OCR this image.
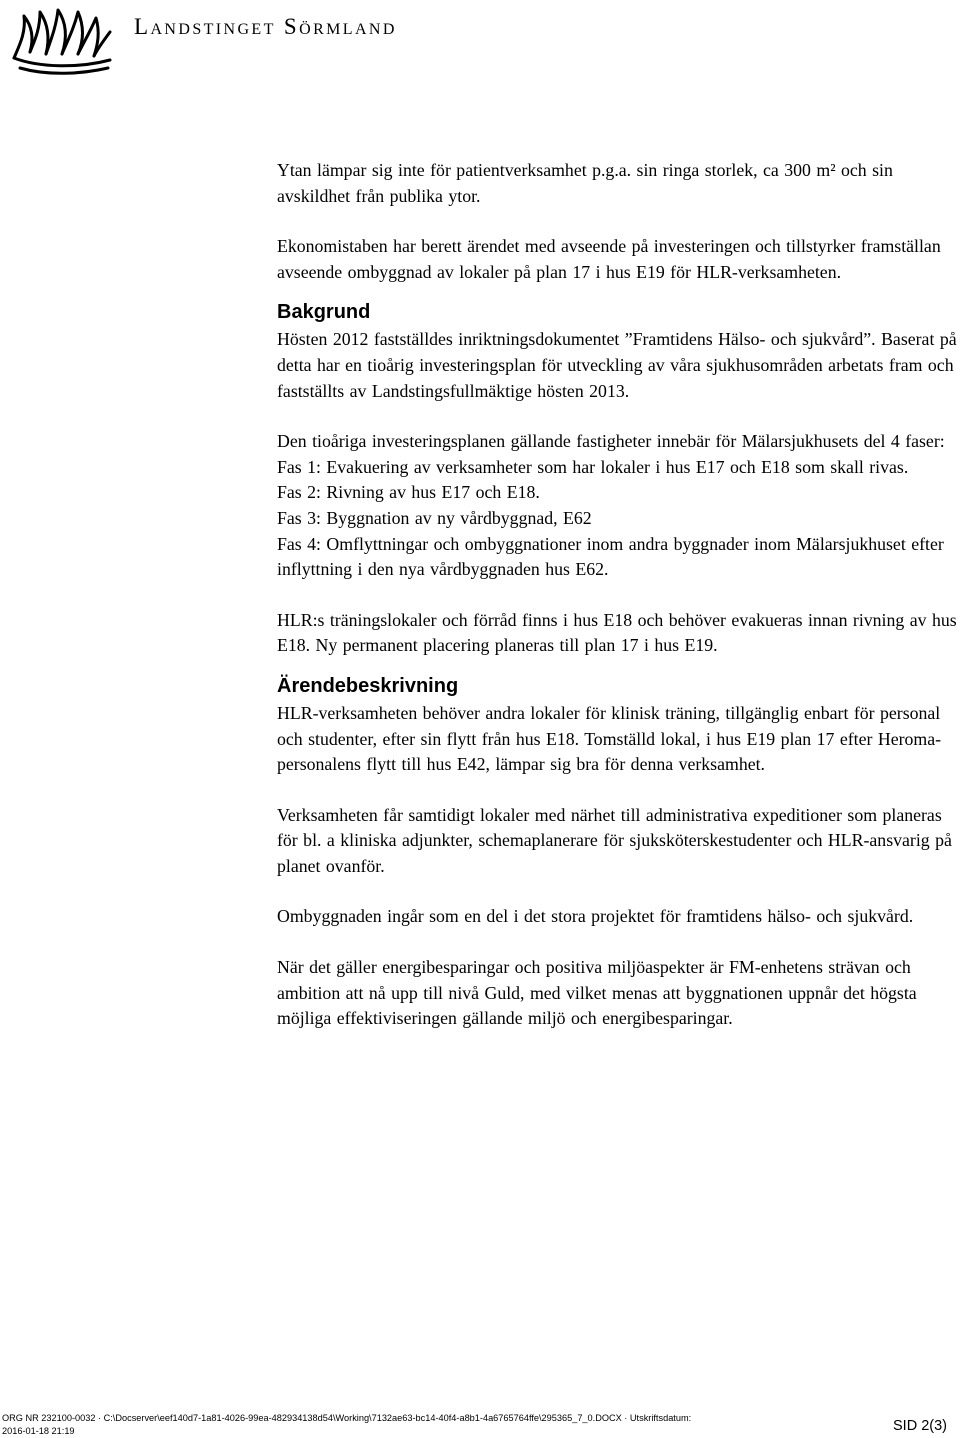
Landstinget Sörmland

Ytan lämpar sig inte för patientverksamhet p.g.a. sin ringa storlek, ca 300 m² och sin avskildhet från publika ytor.

Ekonomistaben har berett ärendet med avseende på investeringen och tillstyrker framställan avseende ombyggnad av lokaler på plan 17 i hus E19 för HLR-verksamheten.

Bakgrund

Hösten 2012 fastställdes inriktningsdokumentet ”Framtidens Hälso- och sjukvård”. Baserat på detta har en tioårig investeringsplan för utveckling av våra sjukhusområden arbetats fram och fastställts av Landstingsfullmäktige hösten 2013.

Den tioåriga investeringsplanen gällande fastigheter innebär för Mälarsjukhusets del 4 faser:

Fas 1: Evakuering av verksamheter som har lokaler i hus E17 och E18 som skall rivas.

Fas 2: Rivning av hus E17 och E18.

Fas 3: Byggnation av ny vårdbyggnad, E62

Fas 4: Omflyttningar och ombyggnationer inom andra byggnader inom Mälarsjukhuset efter inflyttning i den nya vårdbyggnaden hus E62.

HLR:s träningslokaler och förråd finns i hus E18 och behöver evakueras innan rivning av hus E18. Ny permanent placering planeras till plan 17 i hus E19.

Ärendebeskrivning

HLR-verksamheten behöver andra lokaler för klinisk träning, tillgänglig enbart för personal och studenter, efter sin flytt från hus E18. Tomställd lokal, i hus E19 plan 17 efter Heroma-personalens flytt till hus E42, lämpar sig bra för denna verksamhet.

Verksamheten får samtidigt lokaler med närhet till administrativa expeditioner som planeras för bl. a kliniska adjunkter, schemaplanerare för sjuksköterskestudenter och HLR-ansvarig på planet ovanför.

Ombyggnaden ingår som en del i det stora projektet för framtidens hälso- och sjukvård.

När det gäller energibesparingar och positiva miljöaspekter är FM-enhetens strävan och ambition att nå upp till nivå Guld, med vilket menas att byggnationen uppnår det högsta möjliga effektiviseringen gällande miljö och energibesparingar.

ORG NR 232100-0032 · C:\Docserver\eef140d7-1a81-4026-99ea-482934138d54\Working\7132ae63-bc14-40f4-a8b1-4a6765764ffe\295365_7_0.DOCX · Utskriftsdatum:
2016-01-18 21:19	SID 2(3)
